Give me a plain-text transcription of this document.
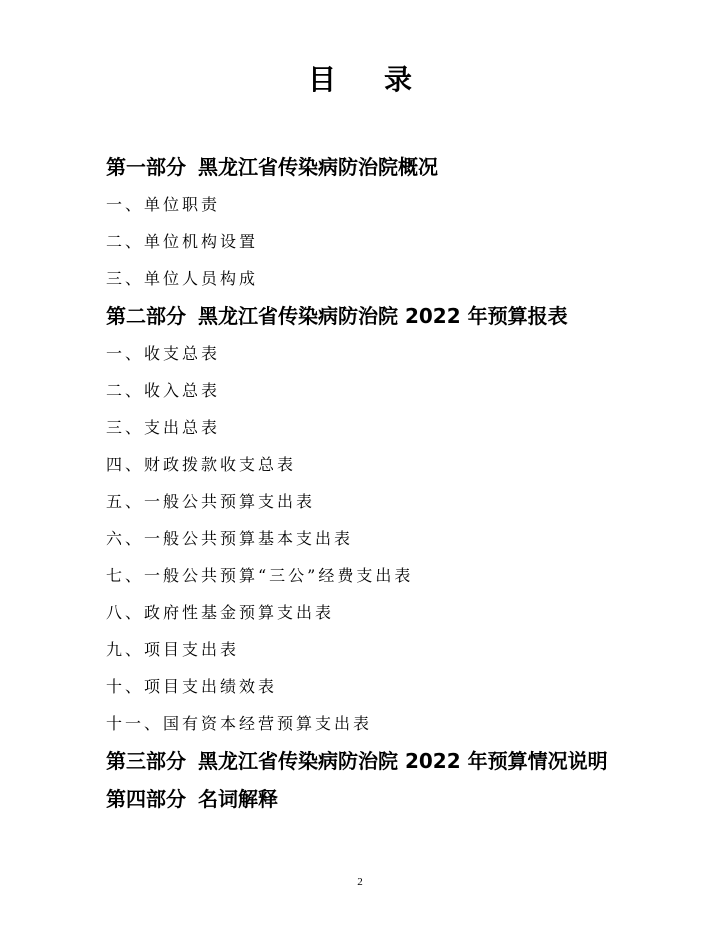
目录
第一部分 黑龙江省传染病防治院概况
一、单位职责
二、单位机构设置
三、单位人员构成
第二部分 黑龙江省传染病防治院 2022 年预算报表
一、收支总表
二、收入总表
三、支出总表
四、财政拨款收支总表
五、一般公共预算支出表
六、一般公共预算基本支出表
七、一般公共预算“三公”经费支出表
八、政府性基金预算支出表
九、项目支出表
十、项目支出绩效表
十一、国有资本经营预算支出表
第三部分 黑龙江省传染病防治院 2022 年预算情况说明
第四部分 名词解释
2
